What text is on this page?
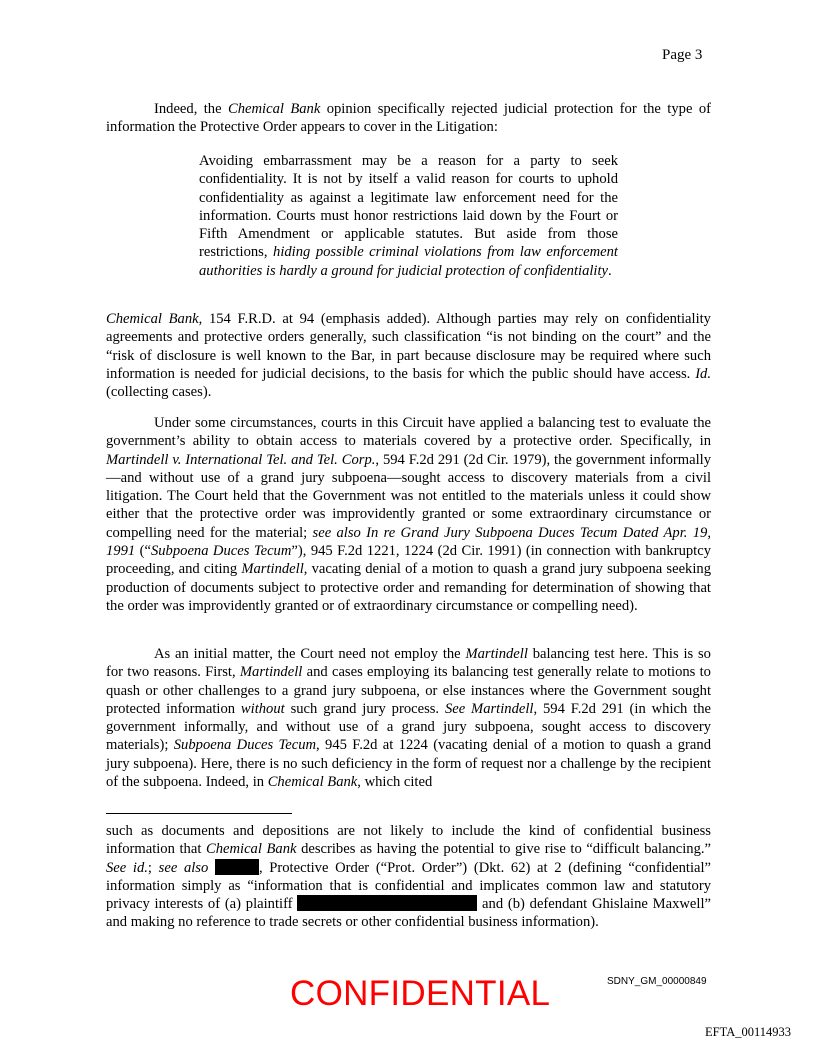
Page 3

Indeed, the Chemical Bank opinion specifically rejected judicial protection for the type of information the Protective Order appears to cover in the Litigation:

Avoiding embarrassment may be a reason for a party to seek confidentiality. It is not by itself a valid reason for courts to uphold confidentiality as against a legitimate law enforcement need for the information. Courts must honor restrictions laid down by the Fourt or Fifth Amendment or applicable statutes. But aside from those restrictions, hiding possible criminal violations from law enforcement authorities is hardly a ground for judicial protection of confidentiality.

Chemical Bank, 154 F.R.D. at 94 (emphasis added). Although parties may rely on confidentiality agreements and protective orders generally, such classification “is not binding on the court” and the “risk of disclosure is well known to the Bar, in part because disclosure may be required where such information is needed for judicial decisions, to the basis for which the public should have access. Id. (collecting cases).

Under some circumstances, courts in this Circuit have applied a balancing test to evaluate the government’s ability to obtain access to materials covered by a protective order. Specifically, in Martindell v. International Tel. and Tel. Corp., 594 F.2d 291 (2d Cir. 1979), the government informally—and without use of a grand jury subpoena—sought access to discovery materials from a civil litigation. The Court held that the Government was not entitled to the materials unless it could show either that the protective order was improvidently granted or some extraordinary circumstance or compelling need for the material; see also In re Grand Jury Subpoena Duces Tecum Dated Apr. 19, 1991 (“Subpoena Duces Tecum”), 945 F.2d 1221, 1224 (2d Cir. 1991) (in connection with bankruptcy proceeding, and citing Martindell, vacating denial of a motion to quash a grand jury subpoena seeking production of documents subject to protective order and remanding for determination of showing that the order was improvidently granted or of extraordinary circumstance or compelling need).

As an initial matter, the Court need not employ the Martindell balancing test here. This is so for two reasons. First, Martindell and cases employing its balancing test generally relate to motions to quash or other challenges to a grand jury subpoena, or else instances where the Government sought protected information without such grand jury process. See Martindell, 594 F.2d 291 (in which the government informally, and without use of a grand jury subpoena, sought access to discovery materials); Subpoena Duces Tecum, 945 F.2d at 1224 (vacating denial of a motion to quash a grand jury subpoena). Here, there is no such deficiency in the form of request nor a challenge by the recipient of the subpoena. Indeed, in Chemical Bank, which cited

such as documents and depositions are not likely to include the kind of confidential business information that Chemical Bank describes as having the potential to give rise to “difficult balancing.” See id.; see also	, Protective Order (“Prot. Order”) (Dkt. 62) at 2 (defining “confidential” information simply as “information that is confidential and implicates common law and statutory privacy interests of (a) plaintiff	and (b) defendant Ghislaine Maxwell” and making no reference to trade secrets or other confidential business information).

SDNY_GM_00000849
CONFIDENTIAL
EFTA_00114933
